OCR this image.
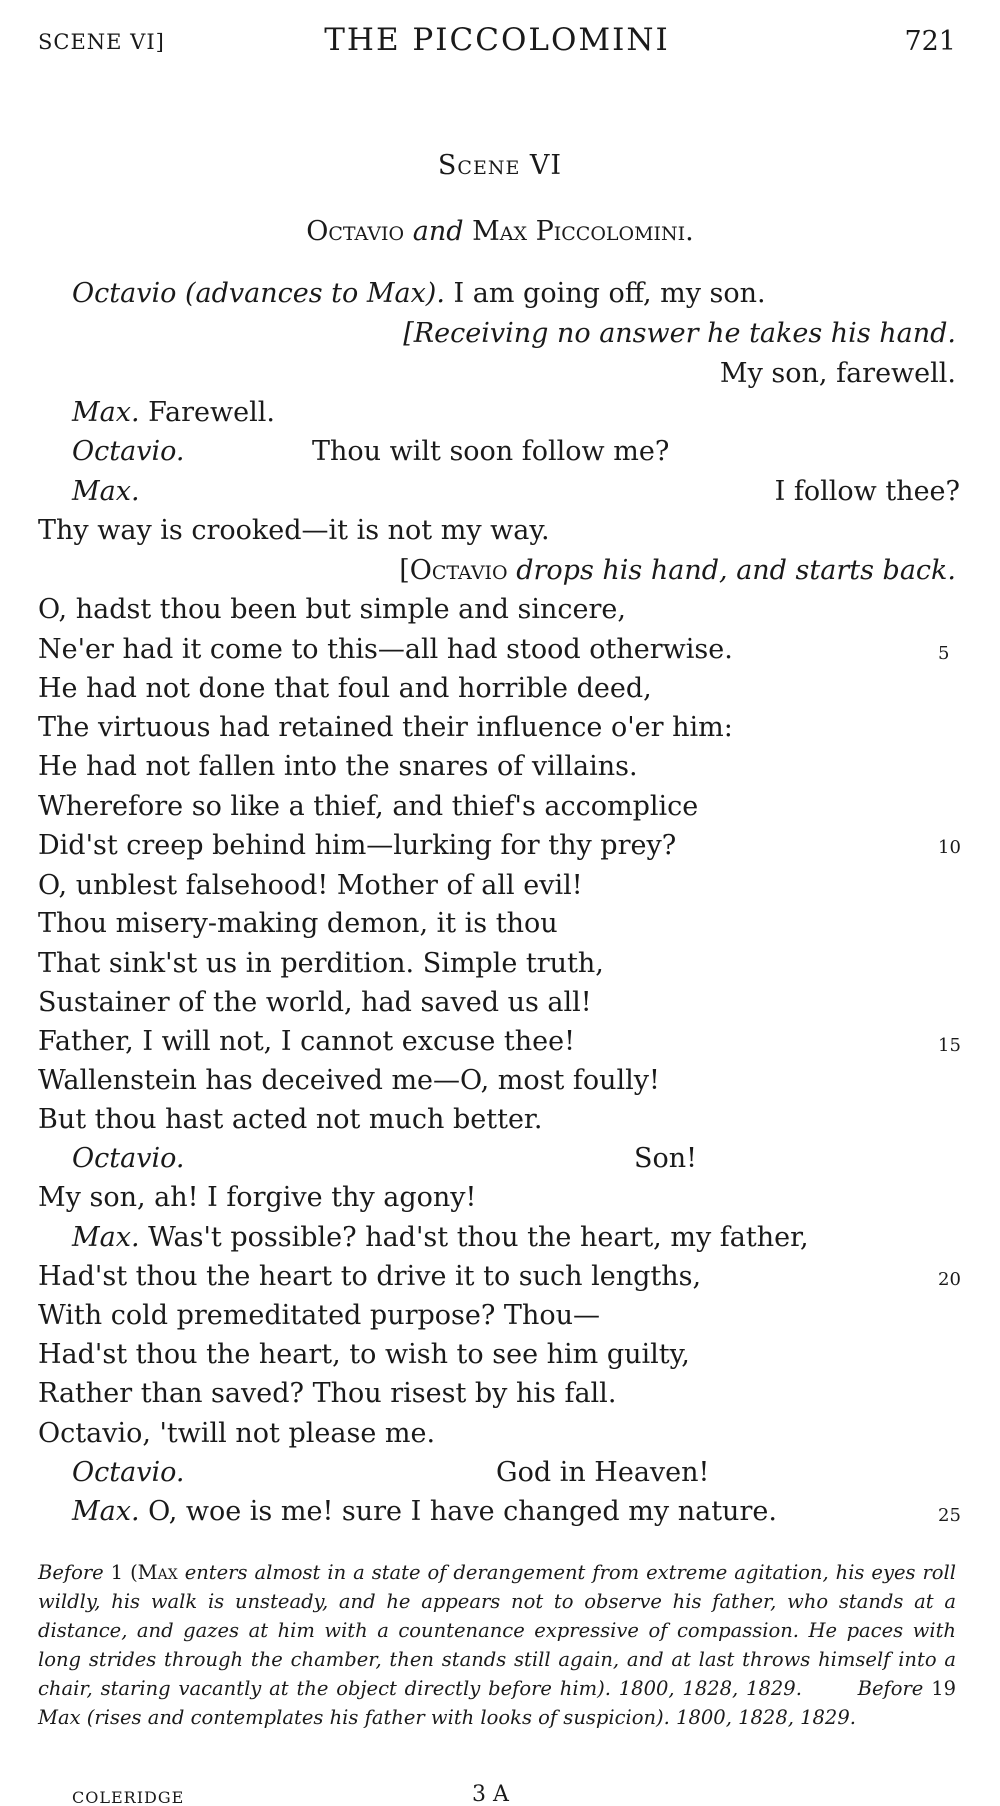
SCENE VI]	THE PICCOLOMINI	721
Scene VI
Octavio and Max Piccolomini.
Octavio (advances to Max). I am going off, my son.
[Receiving no answer he takes his hand.
My son, farewell.
Max. Farewell.
Octavio.	Thou wilt soon follow me?
Max.	I follow thee?
Thy way is crooked—it is not my way.
[Octavio drops his hand, and starts back.
O, hadst thou been but simple and sincere,
Ne'er had it come to this—all had stood otherwise.	5
He had not done that foul and horrible deed,
The virtuous had retained their influence o'er him:
He had not fallen into the snares of villains.
Wherefore so like a thief, and thief's accomplice
Did'st creep behind him—lurking for thy prey?	10
O, unblest falsehood! Mother of all evil!
Thou misery-making demon, it is thou
That sink'st us in perdition. Simple truth,
Sustainer of the world, had saved us all!
Father, I will not, I cannot excuse thee!	15
Wallenstein has deceived me—O, most foully!
But thou hast acted not much better.
Octavio.	Son!
My son, ah! I forgive thy agony!
Max. Was't possible? had'st thou the heart, my father,
Had'st thou the heart to drive it to such lengths,	20
With cold premeditated purpose? Thou—
Had'st thou the heart, to wish to see him guilty,
Rather than saved? Thou risest by his fall.
Octavio, 'twill not please me.
Octavio.	God in Heaven!
Max. O, woe is me! sure I have changed my nature.	25
Before 1 (Max enters almost in a state of derangement from extreme agitation, his eyes roll wildly, his walk is unsteady, and he appears not to observe his father, who stands at a distance, and gazes at him with a countenance expressive of compassion. He paces with long strides through the chamber, then stands still again, and at last throws himself into a chair, staring vacantly at the object directly before him). 1800, 1828, 1829.	Before 19 Max (rises and contemplates his father with looks of suspicion). 1800, 1828, 1829.
COLERIDGE	3 A
